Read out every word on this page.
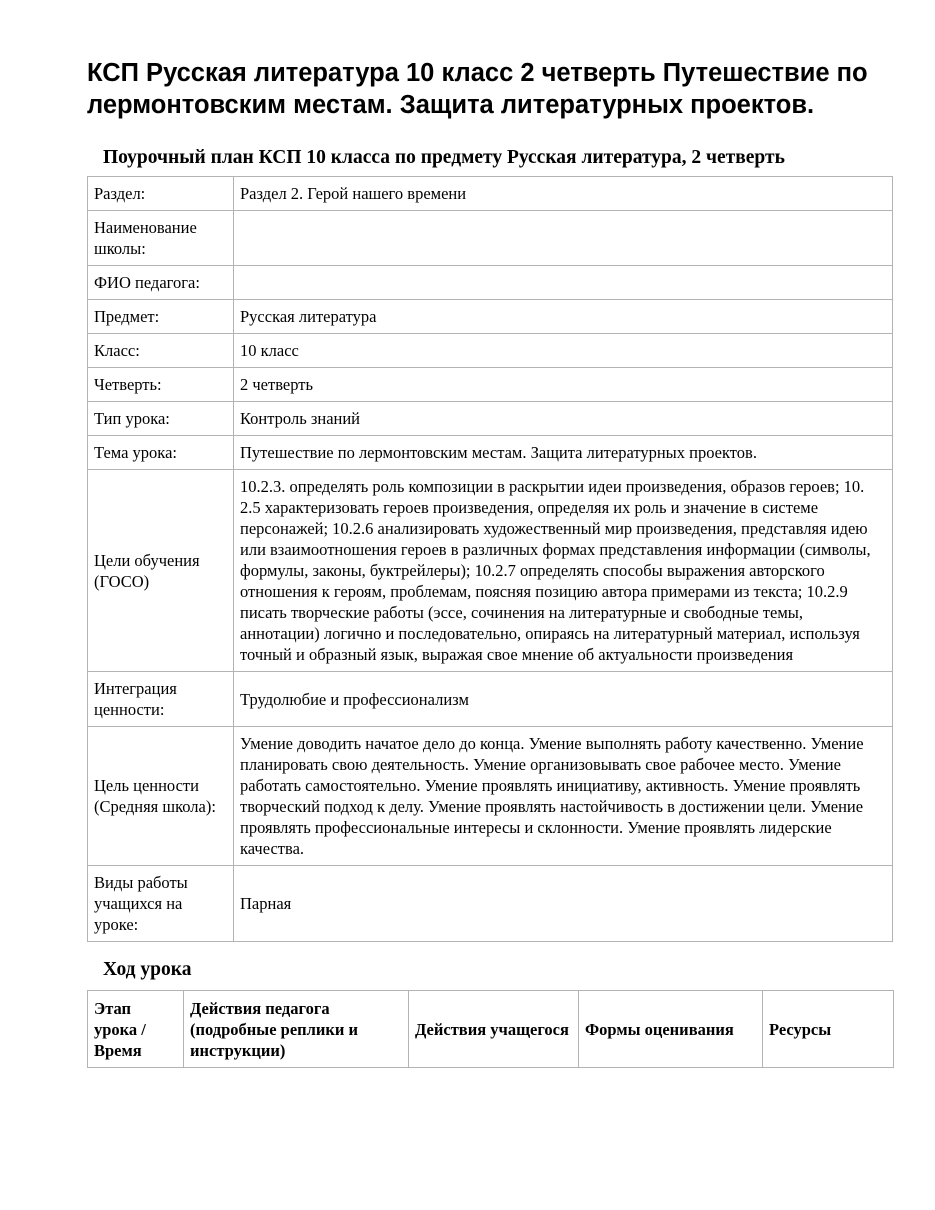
КСП Русская литература 10 класс 2 четверть Путешествие по лермонтовским местам. Защита литературных проектов.
Поурочный план КСП 10 класса по предмету Русская литература, 2 четверть
Раздел:	Раздел 2. Герой нашего времени
Наименование школы:	
ФИО педагога:	
Предмет:	Русская литература
Класс:	10 класс
Четверть:	2 четверть
Тип урока:	Контроль знаний
Тема урока:	Путешествие по лермонтовским местам. Защита литературных проектов.
Цели обучения (ГОСО)	10.2.3. определять роль композиции в раскрытии идеи произведения, образов героев; 10. 2.5 характеризовать героев произведения, определяя их роль и значение в системе персонажей; 10.2.6 анализировать художественный мир произведения, представляя идею или взаимоотношения героев в различных формах представления информации (символы, формулы, законы, буктрейлеры); 10.2.7 определять способы выражения авторского отношения к героям, проблемам, поясняя позицию автора примерами из текста; 10.2.9 писать творческие работы (эссе, сочинения на литературные и свободные темы, аннотации) логично и последовательно, опираясь на литературный материал, используя точный и образный язык, выражая свое мнение об актуальности произведения
Интеграция ценности:	Трудолюбие и профессионализм
Цель ценности (Средняя школа):	Умение доводить начатое дело до конца. Умение выполнять работу качественно. Умение планировать свою деятельность. Умение организовывать свое рабочее место. Умение работать самостоятельно. Умение проявлять инициативу, активность. Умение проявлять творческий подход к делу. Умение проявлять настойчивость в достижении цели. Умение проявлять профессиональные интересы и склонности. Умение проявлять лидерские качества.
Виды работы учащихся на уроке:	Парная
Ход урока
Этап урока / Время	Действия педагога (подробные реплики и инструкции)	Действия учащегося	Формы оценивания	Ресурсы
